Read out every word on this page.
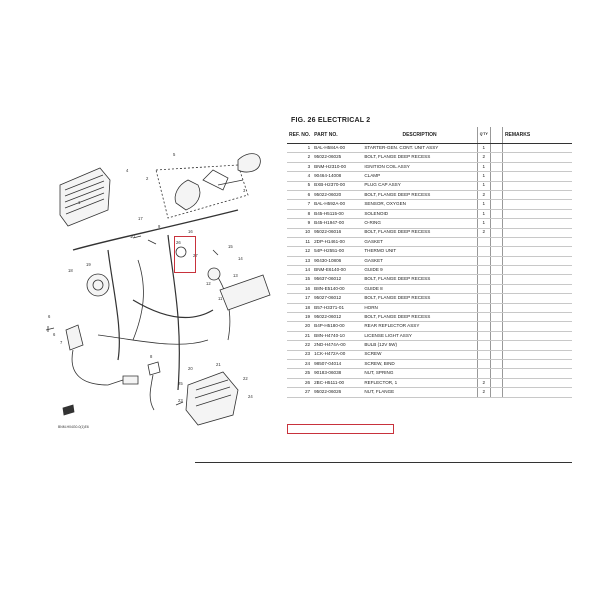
4
1
5
2
3
17
10
9
18
19
16
15
14
13
12
11
6
7
8
20
21
22
23
24
25
26
27
6
BNM-H04G0-0(1)E6
FIG. 26 ELECTRICAL 2
REF. NO.	PART NO.	DESCRIPTION	Q'TY		REMARKS
1	BAL-H584A-00	STARTER-GEN. CONT. UNIT ASSY	1		
2	95022-06025	BOLT, FLANGE DEEP RECESS	2		
3	BNM-H2310-00	IGNITION COIL ASSY	1		
4	90464-14008	CLAMP	1		
5	BXB-H2370-00	PLUG CAP ASSY	1		
6	95022-06020	BOLT, FLANGE DEEP RECESS	2		
7	BAL-H592A-00	SENSOR, OXYGEN	1		
8	B45-H5115-00	SOLENOID	1		
9	B45-H1947-00	O-RING	1		
10	95022-06016	BOLT, FLANGE DEEP RECESS	2		
11	2DP-H1461-00	GASKET			
12	54P-H2551-00	THERMO UNIT			
13	90430-10806	GASKET			
14	BNM-E6140-00	GUIDE 9			
15	95637-06012	BOLT, FLANGE DEEP RECESS			
16	B8N-E5140-00	GUIDE 8			
17	95027-06012	BOLT, FLANGE DEEP RECESS			
18	B57-H3371-01	HORN			
19	95022-06012	BOLT, FLANGE DEEP RECESS			
20	B4P-H5180-00	REAR REFLECTOR ASSY			
21	B8N-H4740-10	LICENSE LIGHT ASSY			
22	2ND-H474A-00	BULB (12V 5W)			
23	1CK-H472A-00	SCREW			
24	98507-04014	SCREW, BIND			
25	90183-06038	NUT, SPRING			
26	2BC-H5111-00	REFLECTOR, 1	2		
27	95022-06026	NUT, FLANGE	2		
